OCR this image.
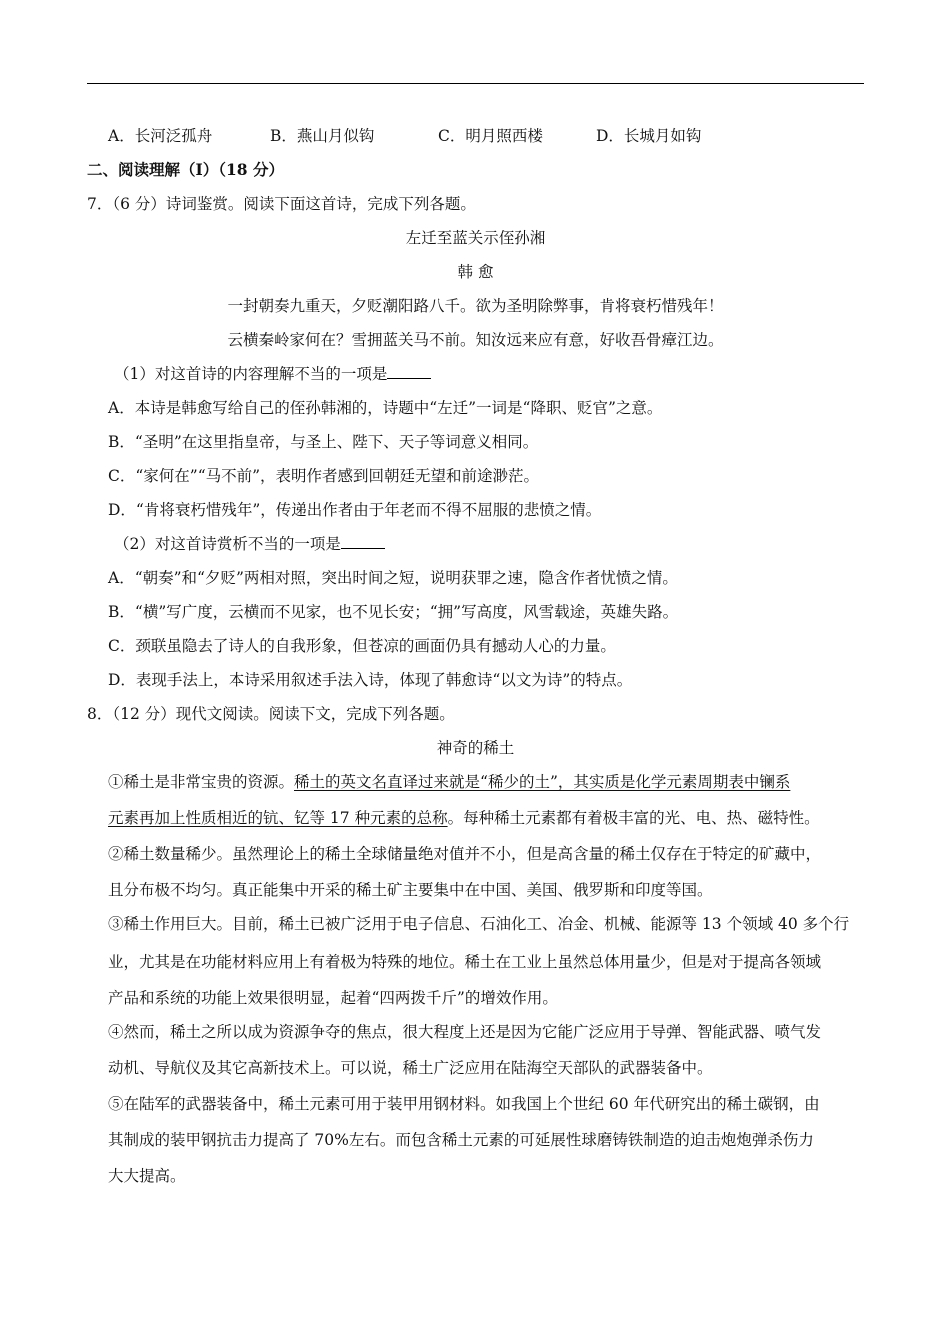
A．长河泛孤舟	B．燕山月似钩	C．明月照西楼	D．长城月如钩
二、阅读理解（Ⅰ）（18 分）
7．（6 分）诗词鉴赏。阅读下面这首诗，完成下列各题。
左迁至蓝关示侄孙湘
韩 愈
一封朝奏九重天，夕贬潮阳路八千。欲为圣明除弊事，肯将衰朽惜残年！
云横秦岭家何在？雪拥蓝关马不前。知汝远来应有意，好收吾骨瘴江边。
（1）对这首诗的内容理解不当的一项是
A．本诗是韩愈写给自己的侄孙韩湘的，诗题中“左迁”一词是“降职、贬官”之意。
B．“圣明”在这里指皇帝，与圣上、陛下、天子等词意义相同。
C．“家何在”“马不前”，表明作者感到回朝廷无望和前途渺茫。
D．“肯将衰朽惜残年”，传递出作者由于年老而不得不屈服的悲愤之情。
（2）对这首诗赏析不当的一项是
A．“朝奏”和“夕贬”两相对照，突出时间之短，说明获罪之速，隐含作者忧愤之情。
B．“横”写广度，云横而不见家，也不见长安；“拥”写高度，风雪载途，英雄失路。
C．颈联虽隐去了诗人的自我形象，但苍凉的画面仍具有撼动人心的力量。
D．表现手法上，本诗采用叙述手法入诗，体现了韩愈诗“以文为诗”的特点。
8．（12 分）现代文阅读。阅读下文，完成下列各题。
神奇的稀土
①稀土是非常宝贵的资源。稀土的英文名直译过来就是“稀少的土”，其实质是化学元素周期表中镧系
元素再加上性质相近的钪、钇等 17 种元素的总称。每种稀土元素都有着极丰富的光、电、热、磁特性。
②稀土数量稀少。虽然理论上的稀土全球储量绝对值并不小，但是高含量的稀土仅存在于特定的矿藏中，
且分布极不均匀。真正能集中开采的稀土矿主要集中在中国、美国、俄罗斯和印度等国。
③稀土作用巨大。目前，稀土已被广泛用于电子信息、石油化工、冶金、机械、能源等 13 个领域 40 多个行
业，尤其是在功能材料应用上有着极为特殊的地位。稀土在工业上虽然总体用量少，但是对于提高各领域
产品和系统的功能上效果很明显，起着“四两拨千斤”的增效作用。
④然而，稀土之所以成为资源争夺的焦点，很大程度上还是因为它能广泛应用于导弹、智能武器、喷气发
动机、导航仪及其它高新技术上。可以说，稀土广泛应用在陆海空天部队的武器装备中。
⑤在陆军的武器装备中，稀土元素可用于装甲用钢材料。如我国上个世纪 60 年代研究出的稀土碳钢，由
其制成的装甲钢抗击力提高了 70%左右。而包含稀土元素的可延展性球磨铸铁制造的迫击炮炮弹杀伤力
大大提高。
